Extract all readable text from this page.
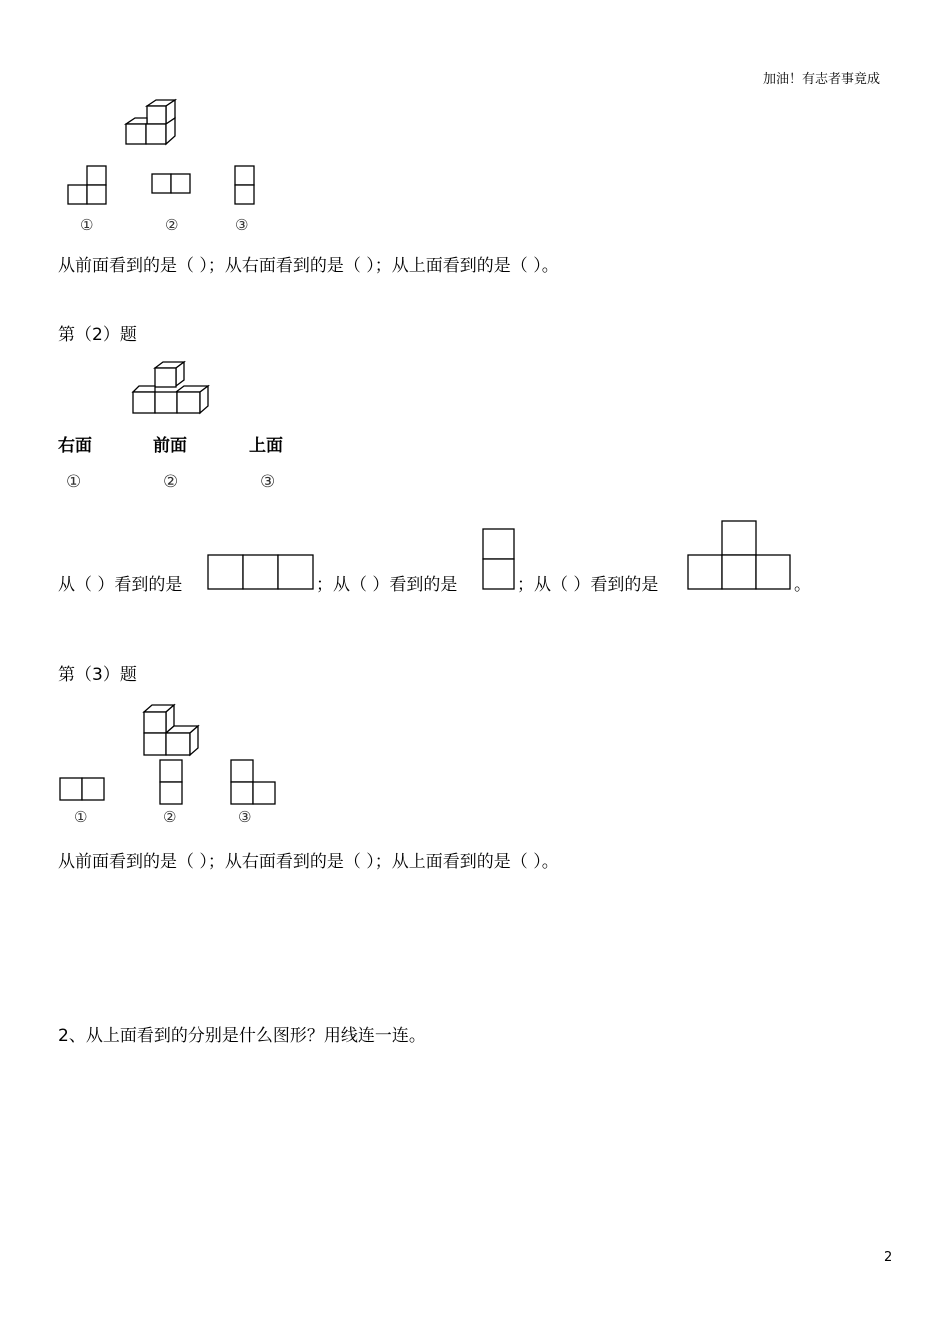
加油！有志者事竟成
①	②	③
从前面看到的是（ ）；从右面看到的是（ ）；从上面看到的是（ ）。
第（2）题
右面	前面	上面
①	②	③
从（ ）看到的是	；从（ ）看到的是	；从（ ）看到的是	。
第（3）题
①	②	③
从前面看到的是（ ）；从右面看到的是（ ）；从上面看到的是（ ）。
2、从上面看到的分别是什么图形？用线连一连。
2
